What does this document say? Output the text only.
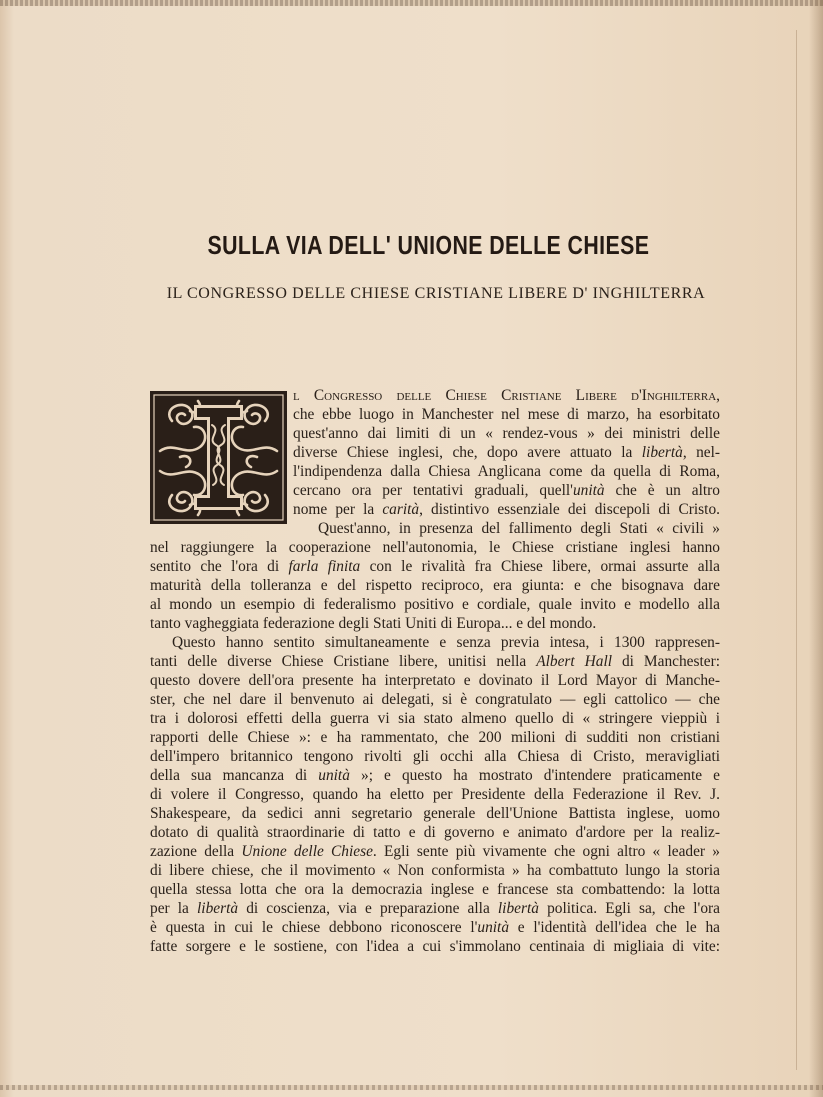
SULLA VIA DELL' UNIONE DELLE CHIESE
IL CONGRESSO DELLE CHIESE CRISTIANE LIBERE D' INGHILTERRA
l Congresso delle Chiese Cristiane Libere d'Inghilterra,
che ebbe luogo in Manchester nel mese di marzo, ha esorbitato
quest'anno dai limiti di un « rendez-vous » dei ministri delle
diverse Chiese inglesi, che, dopo avere attuato la libertà, nel-
l'indipendenza dalla Chiesa Anglicana come da quella di Roma,
cercano ora per tentativi graduali, quell'unità che è un altro
nome per la carità, distintivo essenziale dei discepoli di Cristo.
Quest'anno, in presenza del fallimento degli Stati « civili »
nel raggiungere la cooperazione nell'autonomia, le Chiese cristiane inglesi hanno
sentito che l'ora di farla finita con le rivalità fra Chiese libere, ormai assurte alla
maturità della tolleranza e del rispetto reciproco, era giunta: e che bisognava dare
al mondo un esempio di federalismo positivo e cordiale, quale invito e modello alla
tanto vagheggiata federazione degli Stati Uniti di Europa... e del mondo.
Questo hanno sentito simultaneamente e senza previa intesa, i 1300 rappresen-
tanti delle diverse Chiese Cristiane libere, unitisi nella Albert Hall di Manchester:
questo dovere dell'ora presente ha interpretato e dovinato il Lord Mayor di Manche-
ster, che nel dare il benvenuto ai delegati, si è congratulato — egli cattolico — che
tra i dolorosi effetti della guerra vi sia stato almeno quello di « stringere vieppiù i
rapporti delle Chiese »: e ha rammentato, che 200 milioni di sudditi non cristiani
dell'impero britannico tengono rivolti gli occhi alla Chiesa di Cristo, meravigliati
della sua mancanza di unità »; e questo ha mostrato d'intendere praticamente e
di volere il Congresso, quando ha eletto per Presidente della Federazione il Rev. J.
Shakespeare, da sedici anni segretario generale dell'Unione Battista inglese, uomo
dotato di qualità straordinarie di tatto e di governo e animato d'ardore per la realiz-
zazione della Unione delle Chiese. Egli sente più vivamente che ogni altro « leader »
di libere chiese, che il movimento « Non conformista » ha combattuto lungo la storia
quella stessa lotta che ora la democrazia inglese e francese sta combattendo: la lotta
per la libertà di coscienza, via e preparazione alla libertà politica. Egli sa, che l'ora
è questa in cui le chiese debbono riconoscere l'unità e l'identità dell'idea che le ha
fatte sorgere e le sostiene, con l'idea a cui s'immolano centinaia di migliaia di vite:
